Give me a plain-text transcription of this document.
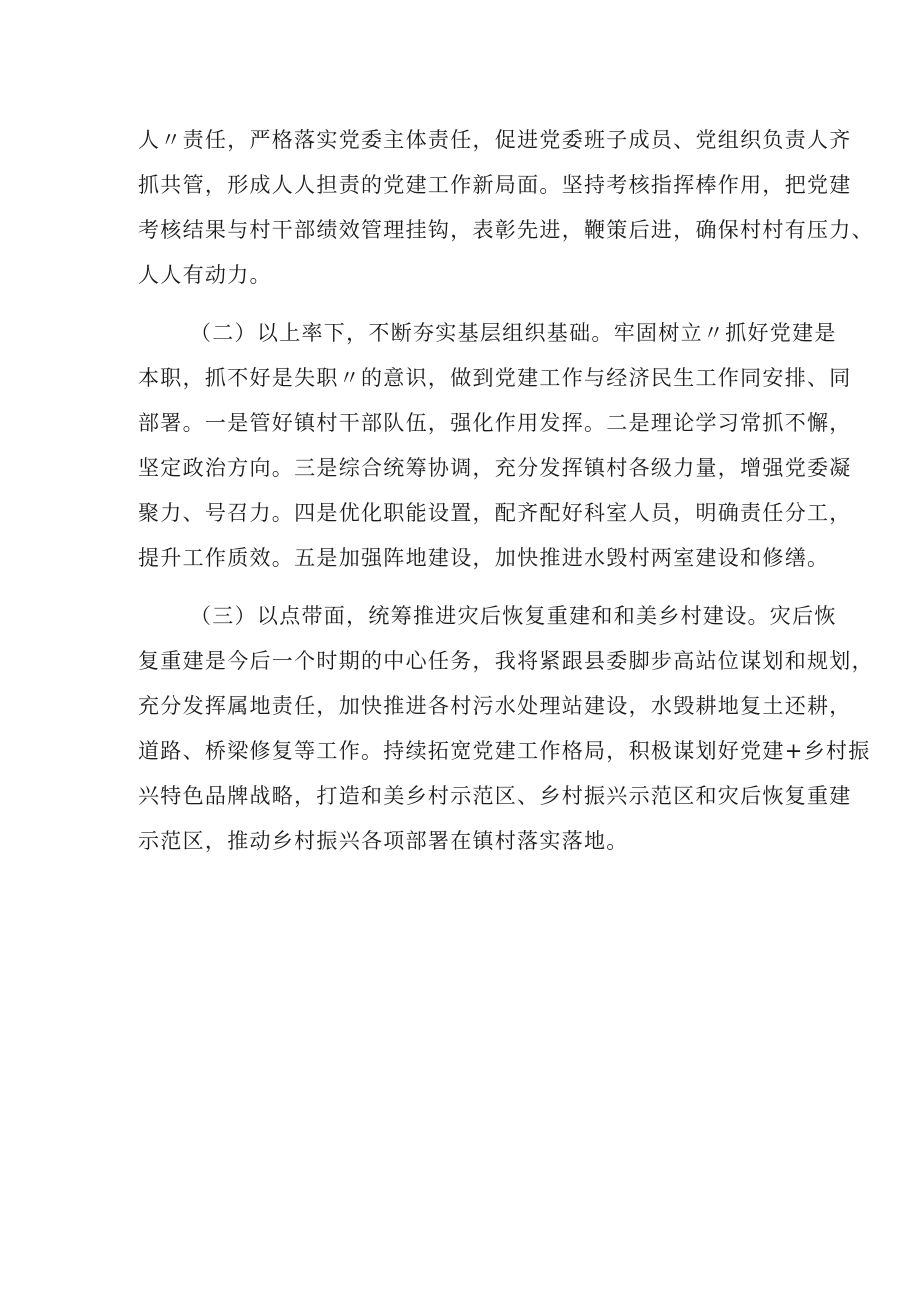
人〃责任，严格落实党委主体责任，促进党委班子成员、党组织负责人齐
抓共管，形成人人担责的党建工作新局面。坚持考核指挥棒作用，把党建
考核结果与村干部绩效管理挂钩，表彰先进，鞭策后进，确保村村有压力、
人人有动力。
（二）以上率下，不断夯实基层组织基础。牢固树立〃抓好党建是
本职，抓不好是失职〃的意识，做到党建工作与经济民生工作同安排、同
部署。一是管好镇村干部队伍，强化作用发挥。二是理论学习常抓不懈，
坚定政治方向。三是综合统筹协调，充分发挥镇村各级力量，增强党委凝
聚力、号召力。四是优化职能设置，配齐配好科室人员，明确责任分工，
提升工作质效。五是加强阵地建设，加快推进水毁村两室建设和修缮。
（三）以点带面，统筹推进灾后恢复重建和和美乡村建设。灾后恢
复重建是今后一个时期的中心任务，我将紧跟县委脚步高站位谋划和规划，
充分发挥属地责任，加快推进各村污水处理站建设，水毁耕地复土还耕，
道路、桥梁修复等工作。持续拓宽党建工作格局，积极谋划好党建+乡村振
兴特色品牌战略，打造和美乡村示范区、乡村振兴示范区和灾后恢复重建
示范区，推动乡村振兴各项部署在镇村落实落地。
